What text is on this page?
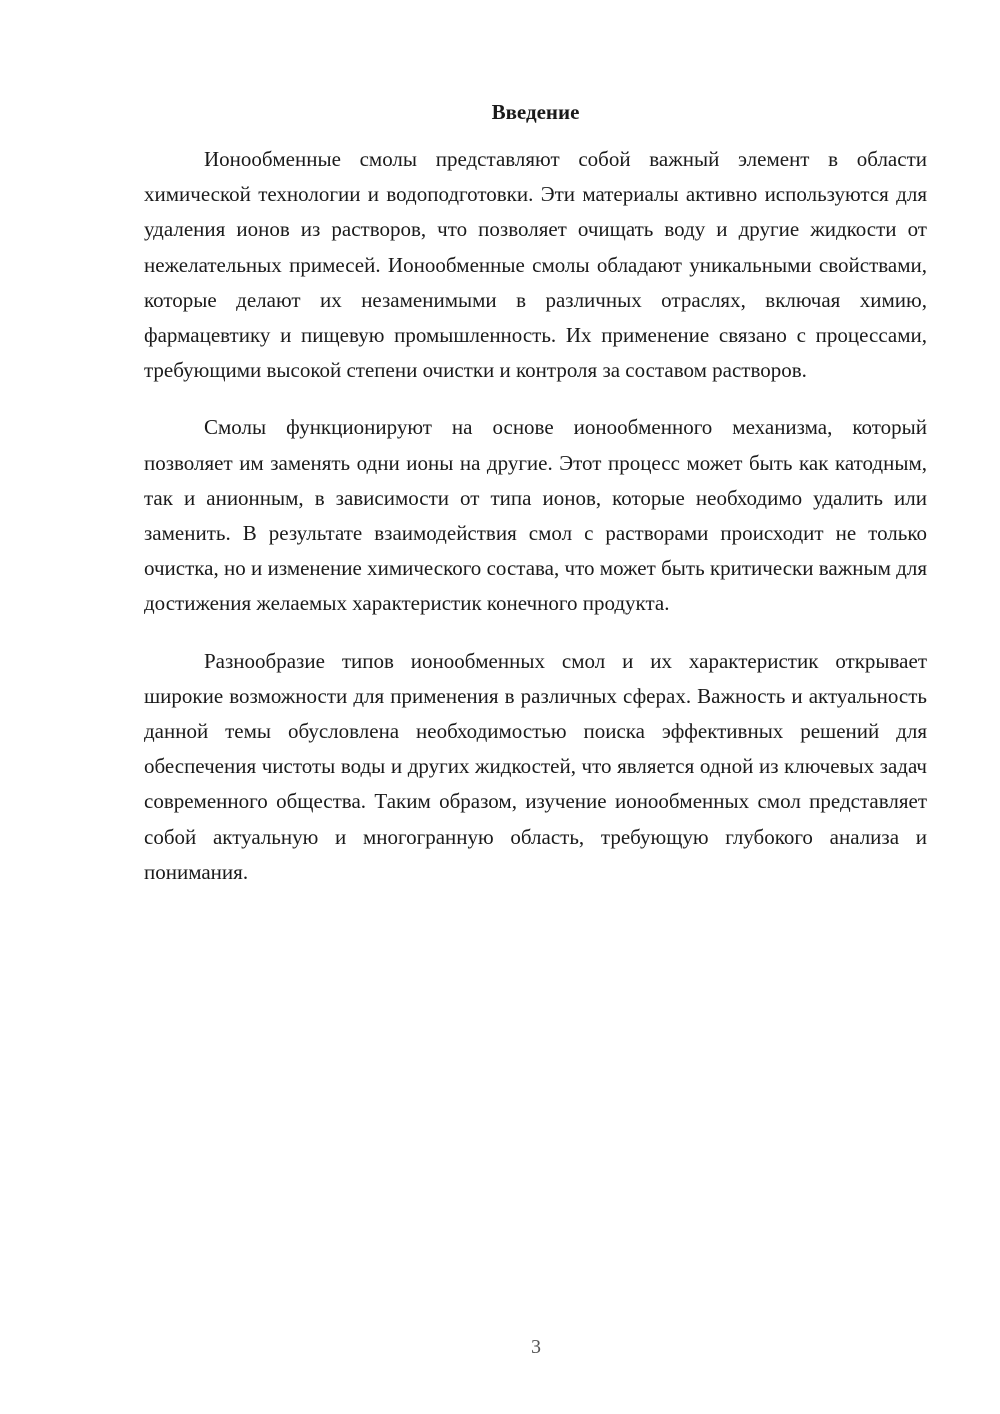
Введение

Ионообменные смолы представляют собой важный элемент в области химической технологии и водоподготовки. Эти материалы активно используются для удаления ионов из растворов, что позволяет очищать воду и другие жидкости от нежелательных примесей. Ионообменные смолы обладают уникальными свойствами, которые делают их незаменимыми в различных отраслях, включая химию, фармацевтику и пищевую промышленность. Их применение связано с процессами, требующими высокой степени очистки и контроля за составом растворов.

Смолы функционируют на основе ионообменного механизма, который позволяет им заменять одни ионы на другие. Этот процесс может быть как катодным, так и анионным, в зависимости от типа ионов, которые необходимо удалить или заменить. В результате взаимодействия смол с растворами происходит не только очистка, но и изменение химического состава, что может быть критически важным для достижения желаемых характеристик конечного продукта.

Разнообразие типов ионообменных смол и их характеристик открывает широкие возможности для применения в различных сферах. Важность и актуальность данной темы обусловлена необходимостью поиска эффективных решений для обеспечения чистоты воды и других жидкостей, что является одной из ключевых задач современного общества. Таким образом, изучение ионообменных смол представляет собой актуальную и многогранную область, требующую глубокого анализа и понимания.

3
